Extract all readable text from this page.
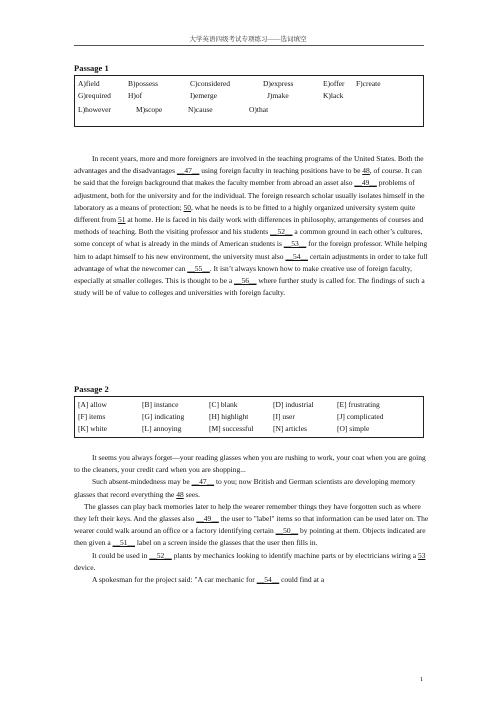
大学英语四级考试专项练习——选词填空
Passage 1
A)field	B)possess	C)considered	D)express	E)offer	F)create
G)required	H)of	I)emerge	J)make	K)lack
L)however	M)scope	N)cause	O)that

In recent years, more and more foreigners are involved in the teaching programs of the United States. Both the advantages and the disadvantages __47__ using foreign faculty in teaching positions have to be 48, of course. It can be said that the foreign background that makes the faculty member from abroad an asset also __49__ problems of adjustment, both for the university and for the individual. The foreign research scholar usually isolates himself in the laboratory as a means of protection; 50, what he needs is to be fitted to a highly organized university system quite different from 51 at home. He is faced in his daily work with differences in philosophy, arrangements of courses and methods of teaching. Both the visiting professor and his students __52__ a common ground in each other’s cultures, some concept of what is already in the minds of American students is __53__ for the foreign professor. While helping him to adapt himself to his new environment, the university must also __54__ certain adjustments in order to take full advantage of what the newcomer can __55__. It isn’t always known how to make creative use of foreign faculty, especially at smaller colleges. This is thought to be a __56__ where further study is called for. The findings of such a study will be of value to colleges and universities with foreign faculty.

Passage 2
[A] allow	[B] instance	[C] blank	[D] industrial	[E] frustrating
[F] items	[G] indicating	[H] highlight	[I] user	[J] complicated
[K] white	[L] annoying	[M] successful	[N] articles	[O] simple

It seems you always forget—your reading glasses when you are rushing to work, your coat when you are going to the cleaners, your credit card when you are shopping...

Such absent-mindedness may be __47__ to you; now British and German scientists are developing memory glasses that record everything the 48 sees.

The glasses can play back memories later to help the wearer remember things they have forgotten such as where they left their keys. And the glasses also __49__ the user to "label" items so that information can be used later on. The wearer could walk around an office or a factory identifying certain __50__ by pointing at them. Objects indicated are then given a __51__ label on a screen inside the glasses that the user then fills in.

It could be used in __52__ plants by mechanics looking to identify machine parts or by electricians wiring a 53 device.

A spokesman for the project said: "A car mechanic for __54__ could find at a

1
